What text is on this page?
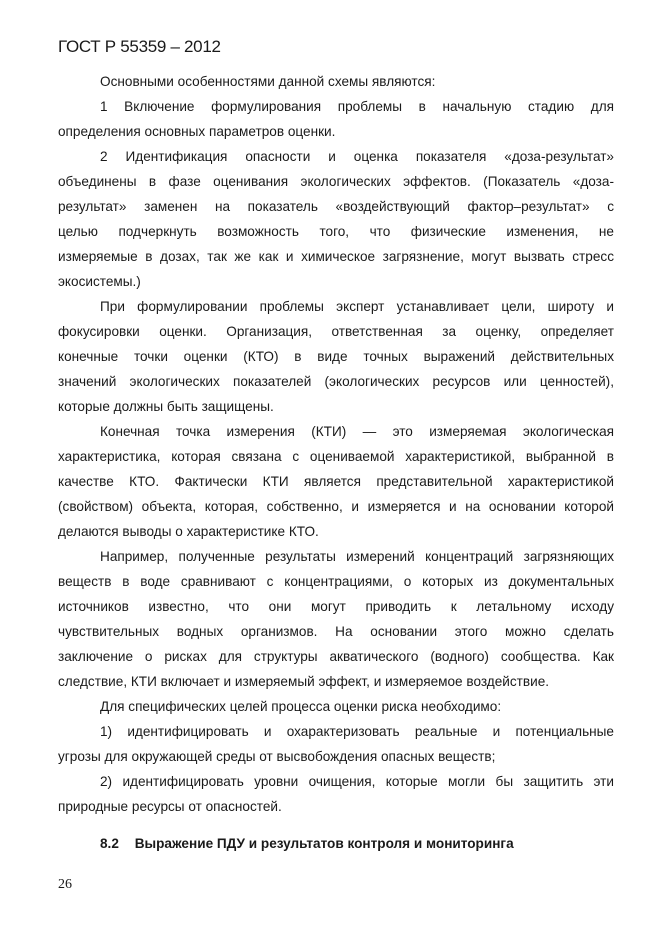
ГОСТ Р 55359 – 2012
Основными особенностями данной схемы являются:
1 Включение формулирования проблемы в начальную стадию для
определения основных параметров оценки.
2 Идентификация опасности и оценка показателя «доза-результат»
объединены в фазе оценивания экологических эффектов. (Показатель «доза-
результат» заменен на показатель «воздействующий фактор–результат» с
целью подчеркнуть возможность того, что физические изменения, не
измеряемые в дозах, так же как и химическое загрязнение, могут вызвать стресс
экосистемы.)
При формулировании проблемы эксперт устанавливает цели, широту и
фокусировки оценки. Организация, ответственная за оценку, определяет
конечные точки оценки (КТО) в виде точных выражений действительных
значений экологических показателей (экологических ресурсов или ценностей),
которые должны быть защищены.
Конечная точка измерения (КТИ) — это измеряемая экологическая
характеристика, которая связана с оцениваемой характеристикой, выбранной в
качестве КТО. Фактически КТИ является представительной характеристикой
(свойством) объекта, которая, собственно, и измеряется и на основании которой
делаются выводы о характеристике КТО.
Например, полученные результаты измерений концентраций загрязняющих
веществ в воде сравнивают с концентрациями, о которых из документальных
источников известно, что они могут приводить к летальному исходу
чувствительных водных организмов. На основании этого можно сделать
заключение о рисках для структуры акватического (водного) сообщества. Как
следствие, КТИ включает и измеряемый эффект, и измеряемое воздействие.
Для специфических целей процесса оценки риска необходимо:
1) идентифицировать и охарактеризовать реальные и потенциальные
угрозы для окружающей среды от высвобождения опасных веществ;
2) идентифицировать уровни очищения, которые могли бы защитить эти
природные ресурсы от опасностей.
8.2 Выражение ПДУ и результатов контроля и мониторинга
26
